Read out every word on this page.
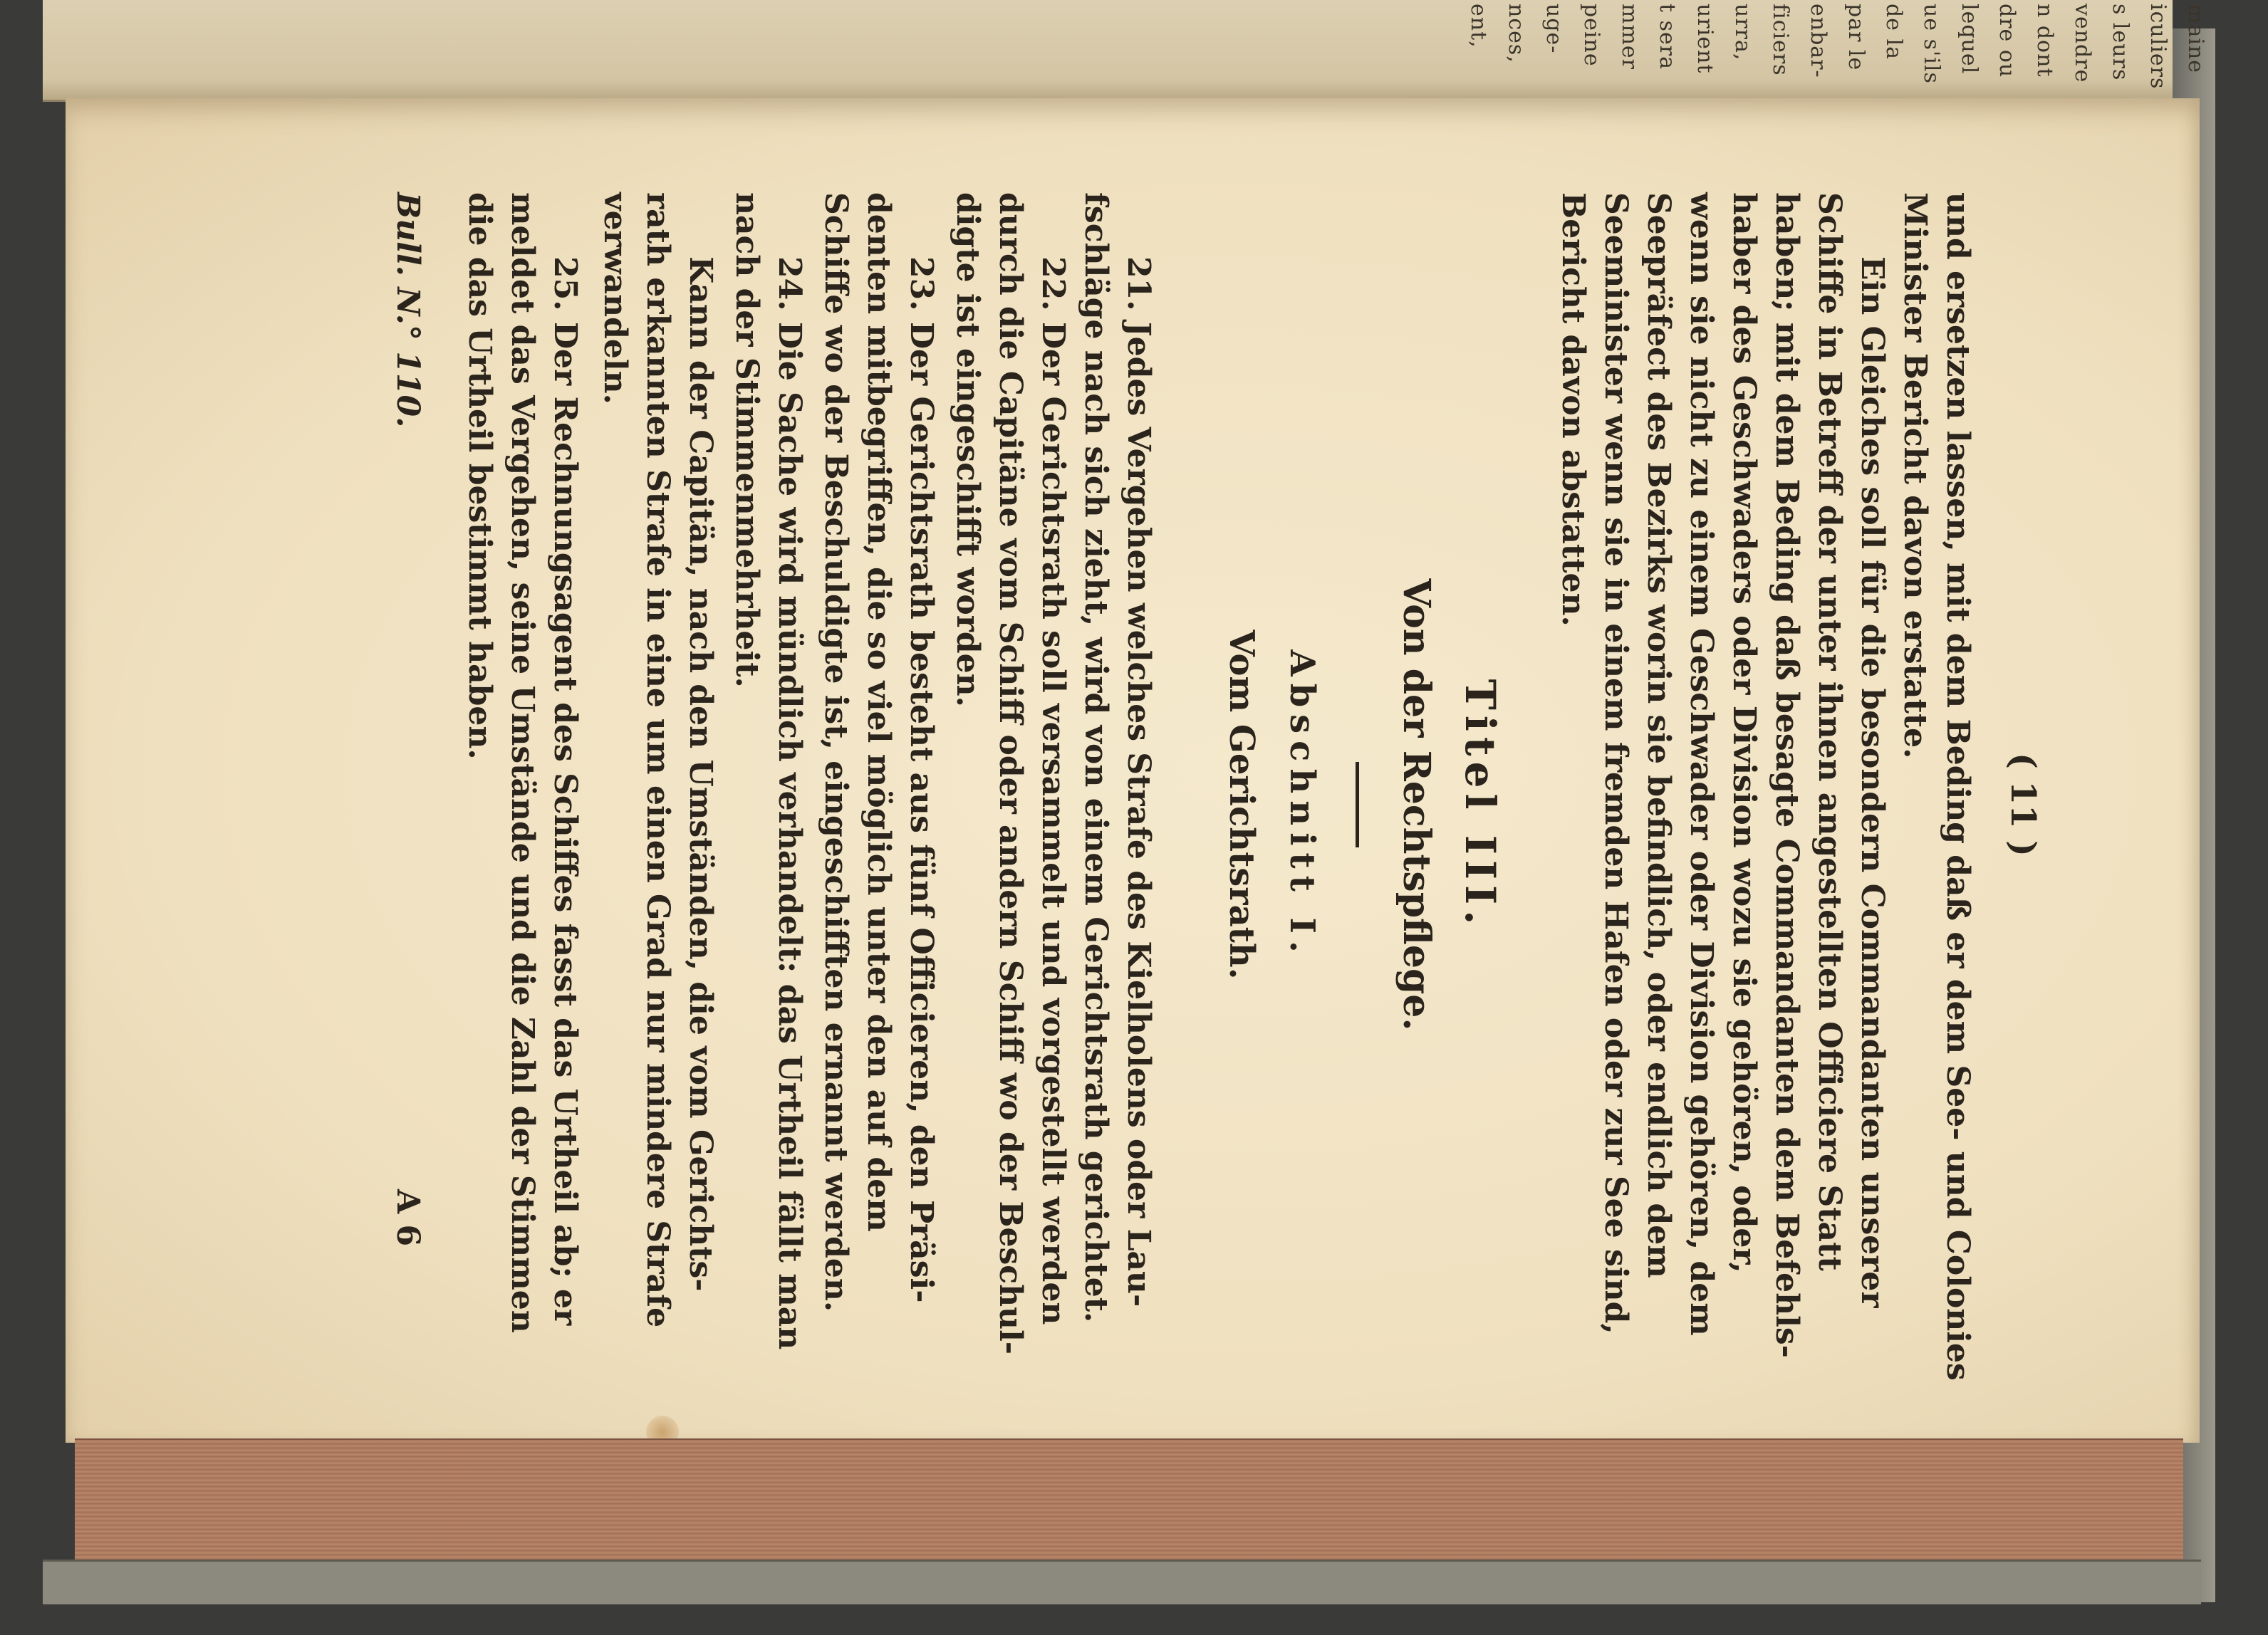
maine
iculiers
s leurs
vendre
n dont
dre ou
lequel
ue s'ils
de la
par le
enbar-
ficiers
urra,
urient
t sera
mmer
peine
uge-
nces,
ent,
( 11 )
und ersetzen lassen, mit dem Beding daß er dem See- und Colonies
Minister Bericht davon erstatte.
Ein Gleiches soll für die besondern Commandanten unserer
Schiffe in Betreff der unter ihnen angestellten Officiere Statt
haben; mit dem Beding daß besagte Commandanten dem Befehls-
haber des Geschwaders oder Division wozu sie gehören, oder,
wenn sie nicht zu einem Geschwader oder Division gehören, dem
Seepräfect des Bezirks worin sie befindlich, oder endlich dem
Seeminister wenn sie in einem fremden Hafen oder zur See sind,
Bericht davon abstatten.
Titel III.
Von der Rechtspflege.
Abschnitt I.
Vom Gerichtsrath.
21. Jedes Vergehen welches Strafe des Kielholens oder Lau-
fschläge nach sich zieht, wird von einem Gerichtsrath gerichtet.
22. Der Gerichtsrath soll versammelt und vorgestellt werden
durch die Capitäne vom Schiff oder andern Schiff wo der Beschul-
digte ist eingeschifft worden.
23. Der Gerichtsrath besteht aus fünf Officieren, den Präsi-
denten mitbegriffen, die so viel möglich unter den auf dem
Schiffe wo der Beschuldigte ist, eingeschifften ernannt werden.
24. Die Sache wird mündlich verhandelt: das Urtheil fällt man
nach der Stimmenmehrheit.
Kann der Capitän, nach den Umständen, die vom Gerichts-
rath erkannten Strafe in eine um einen Grad nur mindere Strafe
verwandeln.
25. Der Rechnungsagent des Schiffes fasst das Urtheil ab; er
meldet das Vergehen, seine Umstände und die Zahl der Stimmen
die das Urtheil bestimmt haben.
Bull. N.° 110.
A 6
